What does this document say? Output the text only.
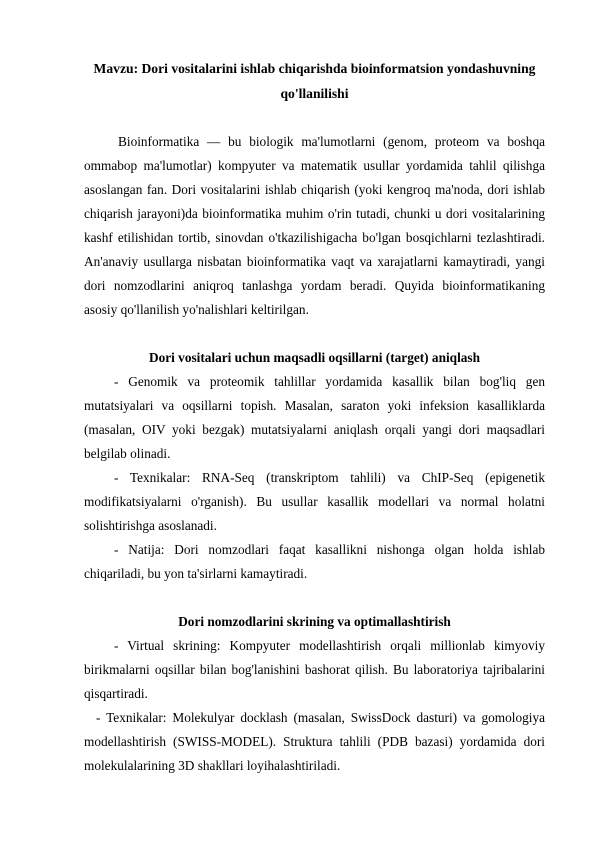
Mavzu: Dori vositalarini ishlab chiqarishda bioinformatsion yondashuvning qo'llanilishi

Bioinformatika — bu biologik ma'lumotlarni (genom, proteom va boshqa ommabop ma'lumotlar) kompyuter va matematik usullar yordamida tahlil qilishga asoslangan fan. Dori vositalarini ishlab chiqarish (yoki kengroq ma'noda, dori ishlab chiqarish jarayoni)da bioinformatika muhim o'rin tutadi, chunki u dori vositalarining kashf etilishidan tortib, sinovdan o'tkazilishigacha bo'lgan bosqichlarni tezlashtiradi. An'anaviy usullarga nisbatan bioinformatika vaqt va xarajatlarni kamaytiradi, yangi dori nomzodlarini aniqroq tanlashga yordam beradi. Quyida bioinformatikaning asosiy qo'llanilish yo'nalishlari keltirilgan.

Dori vositalari uchun maqsadli oqsillarni (target) aniqlash

- Genomik va proteomik tahlillar yordamida kasallik bilan bog'liq gen mutatsiyalari va oqsillarni topish. Masalan, saraton yoki infeksion kasalliklarda (masalan, OIV yoki bezgak) mutatsiyalarni aniqlash orqali yangi dori maqsadlari belgilab olinadi.

- Texnikalar: RNA-Seq (transkriptom tahlili) va ChIP-Seq (epigenetik modifikatsiyalarni o'rganish). Bu usullar kasallik modellari va normal holatni solishtirishga asoslanadi.

- Natija: Dori nomzodlari faqat kasallikni nishonga olgan holda ishlab chiqariladi, bu yon ta'sirlarni kamaytiradi.

Dori nomzodlarini skrining va optimallashtirish

- Virtual skrining: Kompyuter modellashtirish orqali millionlab kimyoviy birikmalarni oqsillar bilan bog'lanishini bashorat qilish. Bu laboratoriya tajribalarini qisqartiradi.

- Texnikalar: Molekulyar docklash (masalan, SwissDock dasturi) va gomologiya modellashtirish (SWISS-MODEL). Struktura tahlili (PDB bazasi) yordamida dori molekulalarining 3D shakllari loyihalashtiriladi.
